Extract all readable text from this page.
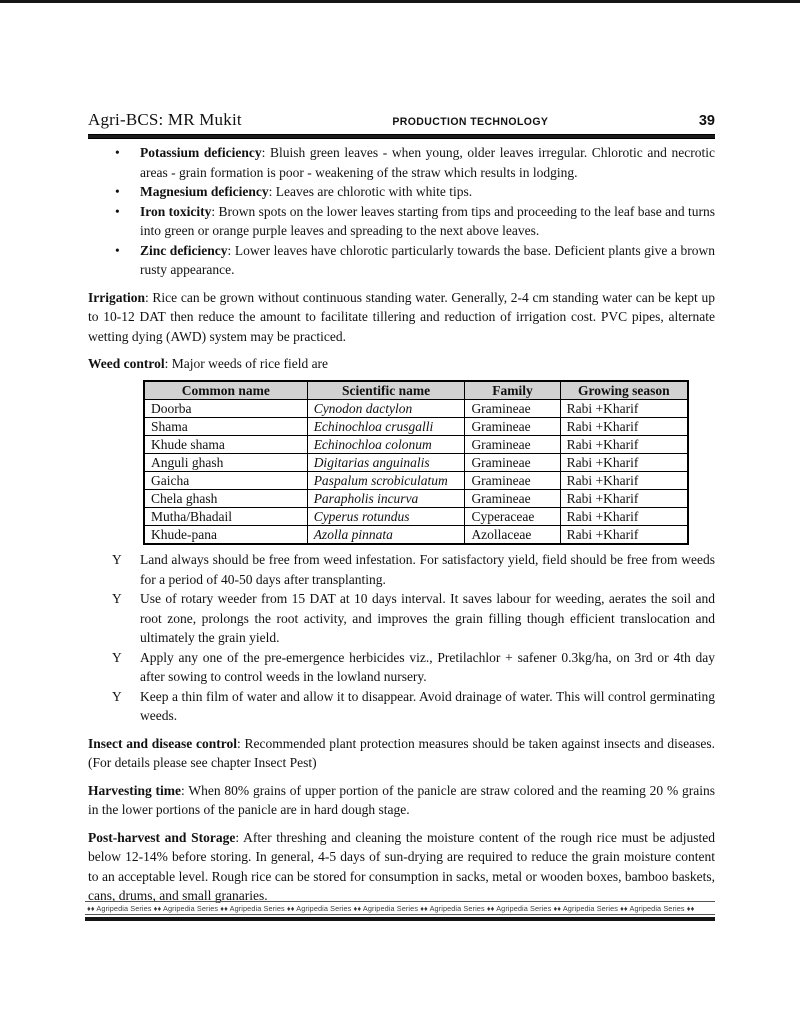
Agri-BCS: MR Mukit	PRODUCTION TECHNOLOGY	39
• Potassium deficiency: Bluish green leaves - when young, older leaves irregular. Chlorotic and necrotic areas - grain formation is poor - weakening of the straw which results in lodging.
• Magnesium deficiency: Leaves are chlorotic with white tips.
• Iron toxicity: Brown spots on the lower leaves starting from tips and proceeding to the leaf base and turns into green or orange purple leaves and spreading to the next above leaves.
• Zinc deficiency: Lower leaves have chlorotic particularly towards the base. Deficient plants give a brown rusty appearance.

Irrigation: Rice can be grown without continuous standing water. Generally, 2-4 cm standing water can be kept up to 10-12 DAT then reduce the amount to facilitate tillering and reduction of irrigation cost. PVC pipes, alternate wetting dying (AWD) system may be practiced.

Weed control: Major weeds of rice field are

Common name	Scientific name	Family	Growing season
Doorba	Cynodon dactylon	Gramineae	Rabi +Kharif
Shama	Echinochloa crusgalli	Gramineae	Rabi +Kharif
Khude shama	Echinochloa colonum	Gramineae	Rabi +Kharif
Anguli ghash	Digitarias anguinalis	Gramineae	Rabi +Kharif
Gaicha	Paspalum scrobiculatum	Gramineae	Rabi +Kharif
Chela ghash	Parapholis incurva	Gramineae	Rabi +Kharif
Mutha/Bhadail	Cyperus rotundus	Cyperaceae	Rabi +Kharif
Khude-pana	Azolla pinnata	Azollaceae	Rabi +Kharif
Υ Land always should be free from weed infestation. For satisfactory yield, field should be free from weeds for a period of 40-50 days after transplanting.
Υ Use of rotary weeder from 15 DAT at 10 days interval. It saves labour for weeding, aerates the soil and root zone, prolongs the root activity, and improves the grain filling though efficient translocation and ultimately the grain yield.
Υ Apply any one of the pre-emergence herbicides viz., Pretilachlor + safener 0.3kg/ha, on 3rd or 4th day after sowing to control weeds in the lowland nursery.
Υ Keep a thin film of water and allow it to disappear. Avoid drainage of water. This will control germinating weeds.

Insect and disease control: Recommended plant protection measures should be taken against insects and diseases. (For details please see chapter Insect Pest)

Harvesting time: When 80% grains of upper portion of the panicle are straw colored and the reaming 20 % grains in the lower portions of the panicle are in hard dough stage.

Post-harvest and Storage: After threshing and cleaning the moisture content of the rough rice must be adjusted below 12-14% before storing. In general, 4-5 days of sun-drying are required to reduce the grain moisture content to an acceptable level. Rough rice can be stored for consumption in sacks, metal or wooden boxes, bamboo baskets, cans, drums, and small granaries.

♦♦ Agripedia Series ♦♦ Agripedia Series ♦♦ Agripedia Series ♦♦ Agripedia Series ♦♦ Agripedia Series ♦♦ Agripedia Series ♦♦ Agripedia Series ♦♦ Agripedia Series ♦♦ Agripedia Series ♦♦
